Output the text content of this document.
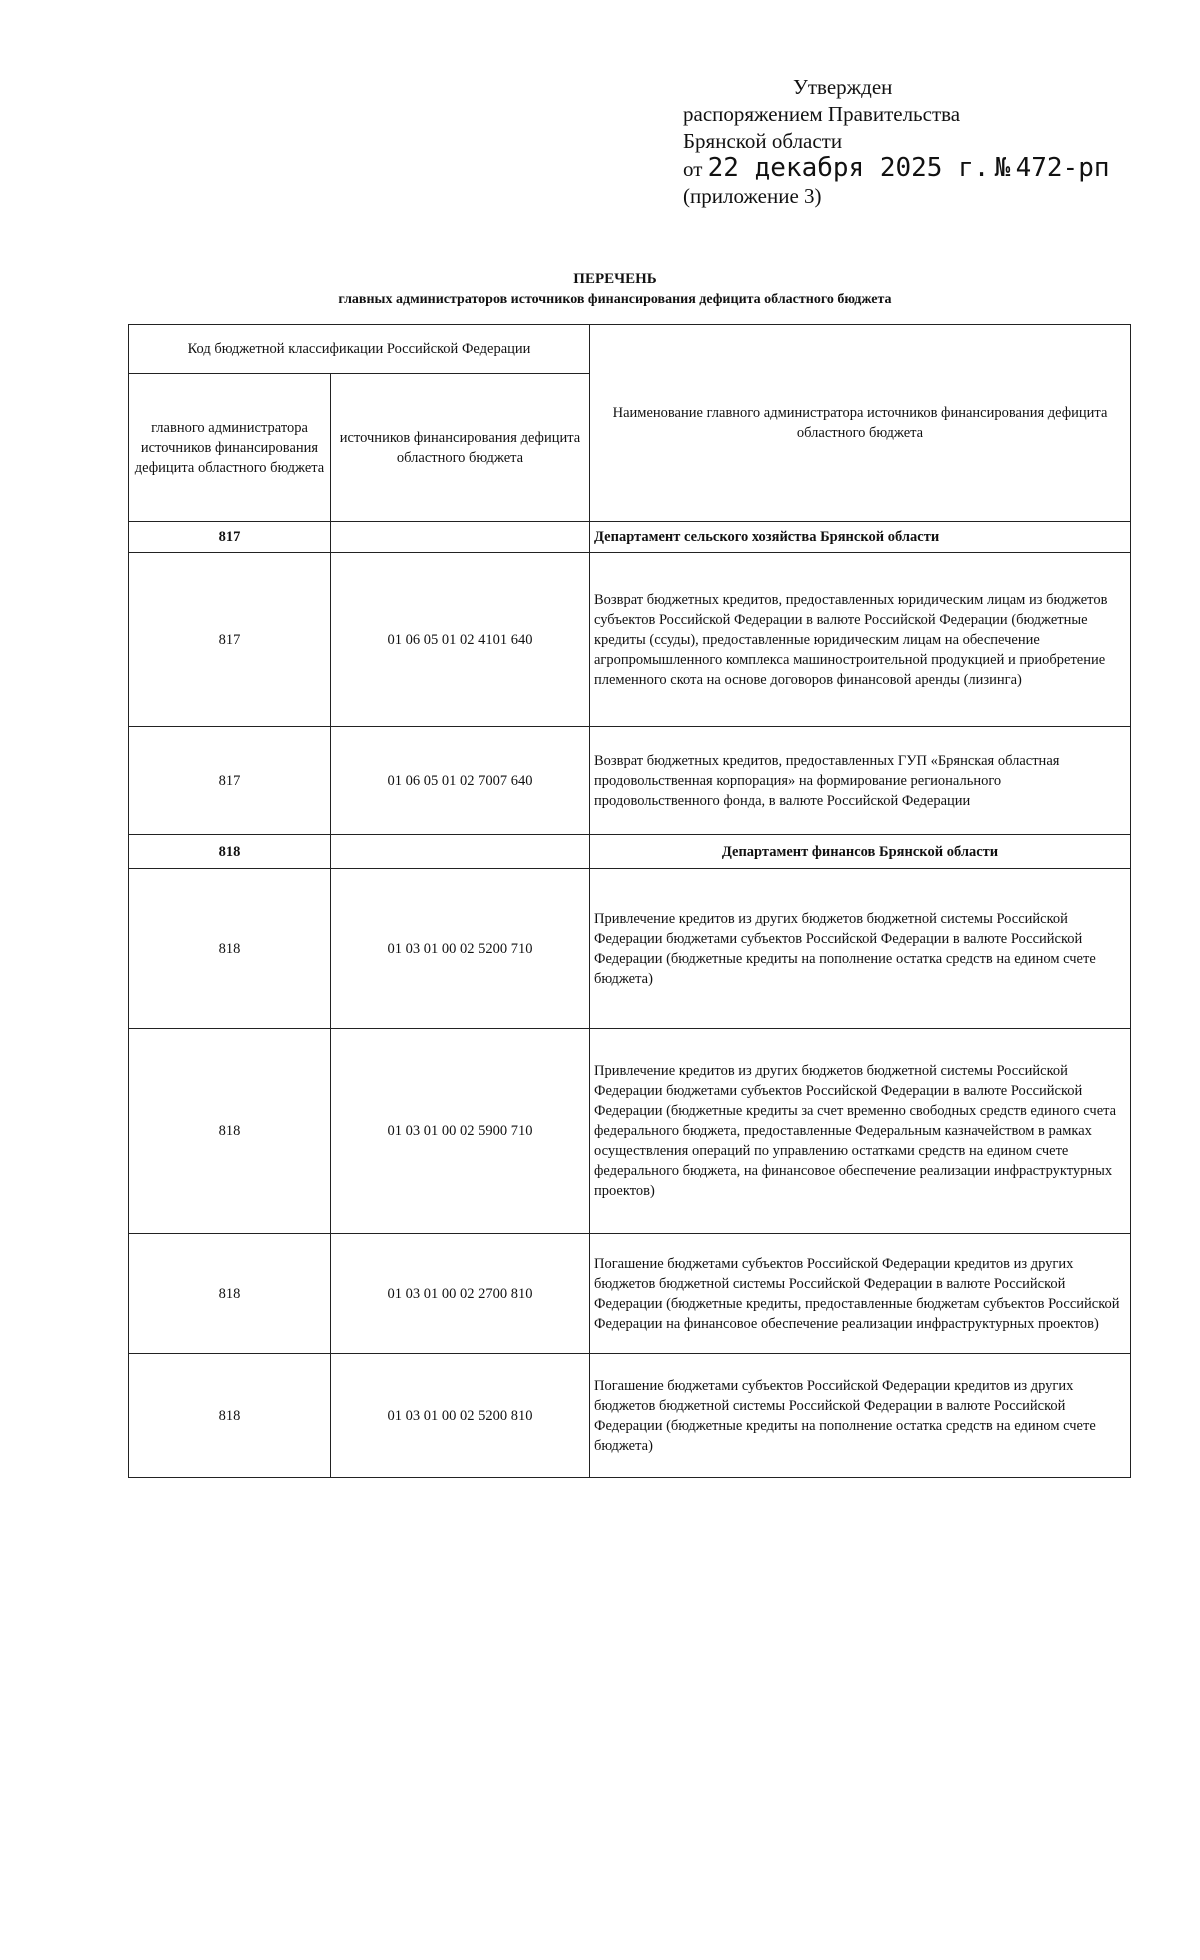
Утвержден
распоряжением Правительства
Брянской области
от 22 декабря 2025 г. № 472-рп
(приложение 3)
ПЕРЕЧЕНЬ
главных администраторов источников финансирования дефицита областного бюджета
Код бюджетной классификации Российской Федерации		Наименование главного администратора источников финансирования дефицита областного бюджета
главного администратора источников финансирования дефицита областного бюджета	источников финансирования дефицита областного бюджета	
817		Департамент сельского хозяйства Брянской области
817	01 06 05 01 02 4101 640	Возврат бюджетных кредитов, предоставленных юридическим лицам из бюджетов субъектов Российской Федерации в валюте Российской Федерации (бюджетные кредиты (ссуды), предоставленные юридическим лицам на обеспечение агропромышленного комплекса машиностроительной продукцией и приобретение племенного скота на основе договоров финансовой аренды (лизинга)
817	01 06 05 01 02 7007 640	Возврат бюджетных кредитов, предоставленных ГУП «Брянская областная продовольственная корпорация» на формирование регионального продовольственного фонда, в валюте Российской Федерации
818		Департамент финансов Брянской области
818	01 03 01 00 02 5200 710	Привлечение кредитов из других бюджетов бюджетной системы Российской Федерации бюджетами субъектов Российской Федерации в валюте Российской Федерации (бюджетные кредиты на пополнение остатка средств на едином счете бюджета)
818	01 03 01 00 02 5900 710	Привлечение кредитов из других бюджетов бюджетной системы Российской Федерации бюджетами субъектов Российской Федерации в валюте Российской Федерации (бюджетные кредиты за счет временно свободных средств единого счета федерального бюджета, предоставленные Федеральным казначейством в рамках осуществления операций по управлению остатками средств на едином счете федерального бюджета, на финансовое обеспечение реализации инфраструктурных проектов)
818	01 03 01 00 02 2700 810	Погашение бюджетами субъектов Российской Федерации кредитов из других бюджетов бюджетной системы Российской Федерации в валюте Российской Федерации (бюджетные кредиты, предоставленные бюджетам субъектов Российской Федерации на финансовое обеспечение реализации инфраструктурных проектов)
818	01 03 01 00 02 5200 810	Погашение бюджетами субъектов Российской Федерации кредитов из других бюджетов бюджетной системы Российской Федерации в валюте Российской Федерации (бюджетные кредиты на пополнение остатка средств на едином счете бюджета)
